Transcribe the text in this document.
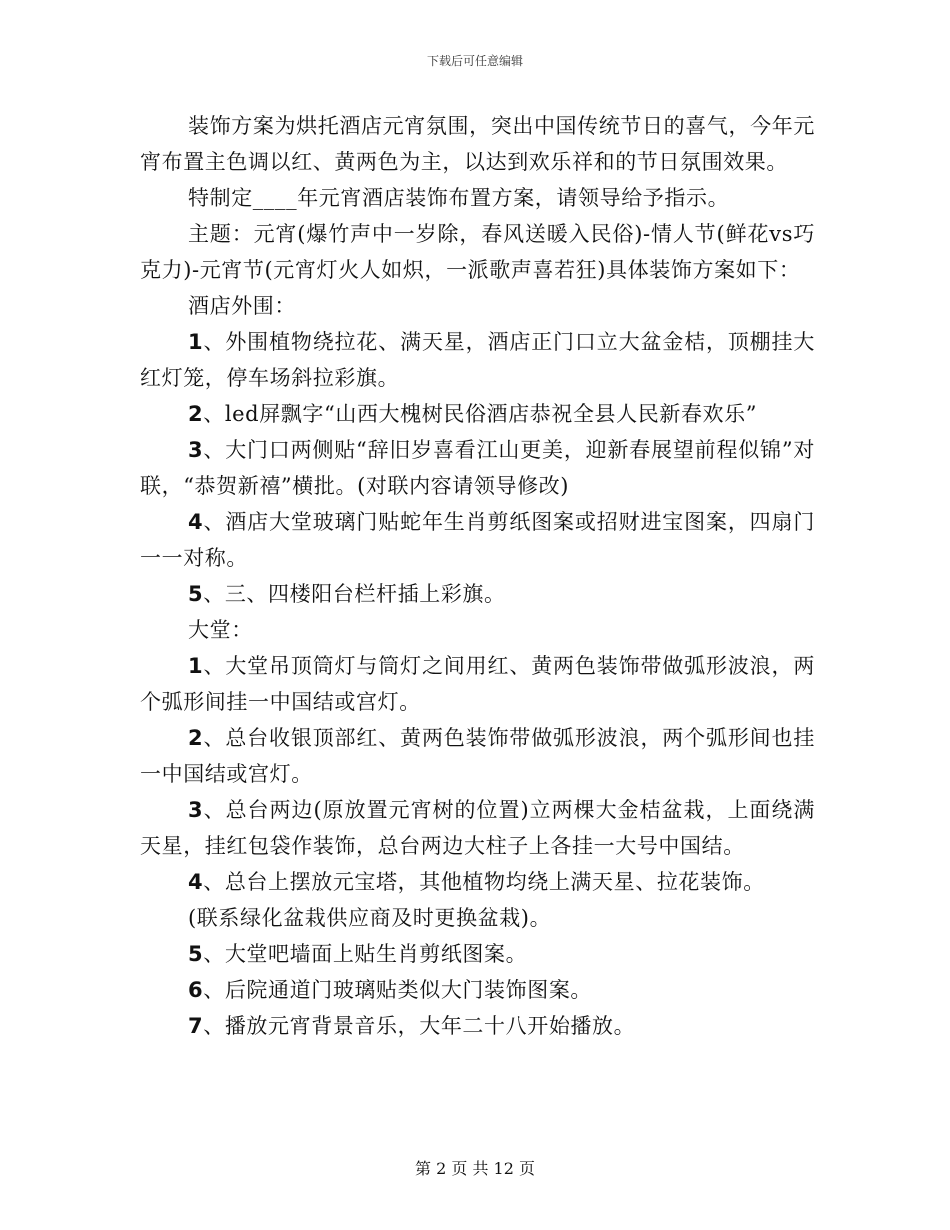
下载后可任意编辑

装饰方案为烘托酒店元宵氛围，突出中国传统节日的喜气，今年元宵布置主色调以红、黄两色为主，以达到欢乐祥和的节日氛围效果。

特制定____年元宵酒店装饰布置方案，请领导给予指示。

主题：元宵(爆竹声中一岁除，春风送暖入民俗)-情人节(鲜花vs巧克力)-元宵节(元宵灯火人如炽，一派歌声喜若狂)具体装饰方案如下：

酒店外围：

1、外围植物绕拉花、满天星，酒店正门口立大盆金桔，顶棚挂大红灯笼，停车场斜拉彩旗。

2、led屏飘字“山西大槐树民俗酒店恭祝全县人民新春欢乐”

3、大门口两侧贴“辞旧岁喜看江山更美，迎新春展望前程似锦”对联，“恭贺新禧”横批。(对联内容请领导修改)

4、酒店大堂玻璃门贴蛇年生肖剪纸图案或招财进宝图案，四扇门一一对称。

5、三、四楼阳台栏杆插上彩旗。

大堂：

1、大堂吊顶筒灯与筒灯之间用红、黄两色装饰带做弧形波浪，两个弧形间挂一中国结或宫灯。

2、总台收银顶部红、黄两色装饰带做弧形波浪，两个弧形间也挂一中国结或宫灯。

3、总台两边(原放置元宵树的位置)立两棵大金桔盆栽，上面绕满天星，挂红包袋作装饰，总台两边大柱子上各挂一大号中国结。

4、总台上摆放元宝塔，其他植物均绕上满天星、拉花装饰。

(联系绿化盆栽供应商及时更换盆栽)。

5、大堂吧墙面上贴生肖剪纸图案。

6、后院通道门玻璃贴类似大门装饰图案。

7、播放元宵背景音乐，大年二十八开始播放。

第 2 页 共 12 页
